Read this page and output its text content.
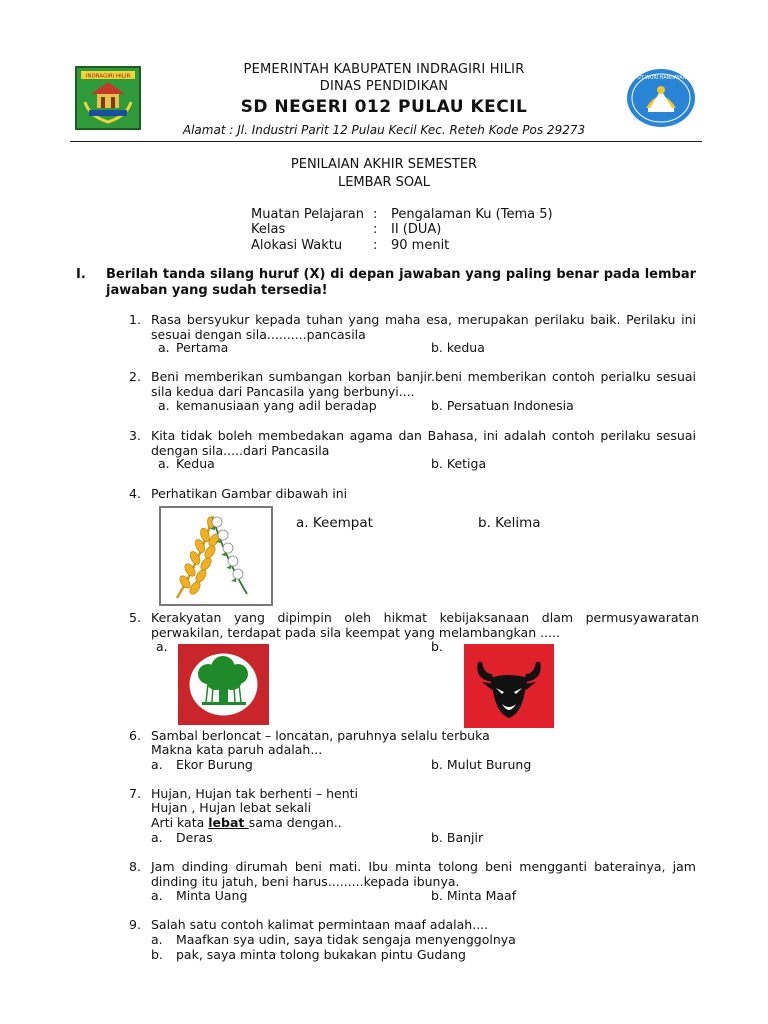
INDRAGIRI HILIR	TUT WURI HANDAYANI
PEMERINTAH KABUPATEN INDRAGIRI HILIR
DINAS PENDIDIKAN
SD NEGERI 012 PULAU KECIL
Alamat : Jl. Industri Parit 12 Pulau Kecil Kec. Reteh Kode Pos 29273
PENILAIAN AKHIR SEMESTER
LEMBAR SOAL
Muatan Pelajaran : Pengalaman Ku (Tema 5)
Kelas	: II (DUA)
Alokasi Waktu : 90 menit
I. Berilah tanda silang huruf (X) di depan jawaban yang paling benar pada lembar jawaban yang sudah tersedia!
1. Rasa bersyukur kepada tuhan yang maha esa, merupakan perilaku baik. Perilaku ini sesuai dengan sila..........pancasila
a. Pertama	b. kedua
2. Beni memberikan sumbangan korban banjir.beni memberikan contoh perialku sesuai sila kedua dari Pancasila yang berbunyi....
a. kemanusiaan yang adil beradap	b. Persatuan Indonesia
3. Kita tidak boleh membedakan agama dan Bahasa, ini adalah contoh perilaku sesuai dengan sila.....dari Pancasila
a. Kedua	b. Ketiga
4. Perhatikan Gambar dibawah ini
a. Keempat	b. Kelima
5. Kerakyatan yang dipimpin oleh hikmat kebijaksanaan dlam permusyawaratan perwakilan, terdapat pada sila keempat yang melambangkan .....
a.	b.
6. Sambal berloncat – loncatan, paruhnya selalu terbuka
Makna kata paruh adalah...
a. Ekor Burung	b. Mulut Burung
7. Hujan, Hujan tak berhenti – henti
Hujan , Hujan lebat sekali
Arti kata lebat sama dengan..
a. Deras	b. Banjir
8. Jam dinding dirumah beni mati. Ibu minta tolong beni mengganti baterainya, jam dinding itu jatuh, beni harus.........kepada ibunya.
a. Minta Uang	b. Minta Maaf
9. Salah satu contoh kalimat permintaan maaf adalah....
a. Maafkan sya udin, saya tidak sengaja menyenggolnya
b. pak, saya minta tolong bukakan pintu Gudang
